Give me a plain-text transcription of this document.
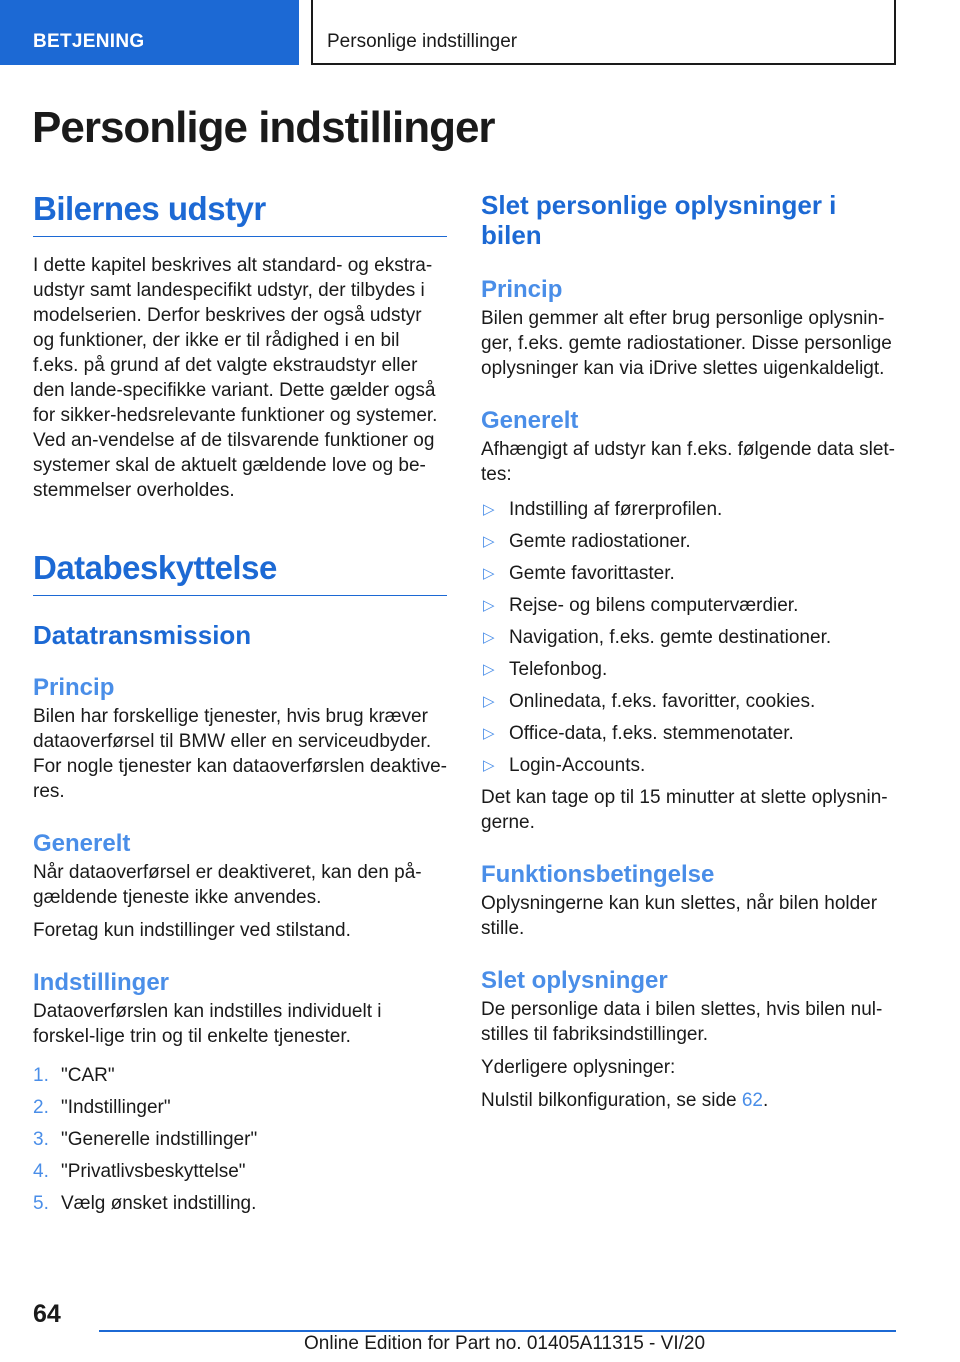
BETJENING	Personlige indstillinger
Personlige indstillinger
Bilernes udstyr

I dette kapitel beskrives alt standard- og ekstra-udstyr samt landespecifikt udstyr, der tilbydes i modelserien. Derfor beskrives der også udstyr og funktioner, der ikke er til rådighed i en bil f.eks. på grund af det valgte ekstraudstyr eller den lande-specifikke variant. Dette gælder også for sikker-hedsrelevante funktioner og systemer. Ved an-vendelse af de tilsvarende funktioner og systemer skal de aktuelt gældende love og be-stemmelser overholdes.

Databeskyttelse
Datatransmission
Princip

Bilen har forskellige tjenester, hvis brug kræver dataoverførsel til BMW eller en serviceudbyder. For nogle tjenester kan dataoverførslen deaktive-res.

Generelt

Når dataoverførsel er deaktiveret, kan den på-gældende tjeneste ikke anvendes.

Foretag kun indstillinger ved stilstand.

Indstillinger

Dataoverførslen kan indstilles individuelt i forskel-lige trin og til enkelte tjenester.

1. "CAR"
2. "Indstillinger"
3. "Generelle indstillinger"
4. "Privatlivsbeskyttelse"
5. Vælg ønsket indstilling.
Slet personlige oplysninger i bilen
Princip

Bilen gemmer alt efter brug personlige oplysnin-ger, f.eks. gemte radiostationer. Disse personlige oplysninger kan via iDrive slettes uigenkaldeligt.

Generelt

Afhængigt af udstyr kan f.eks. følgende data slet-tes:

▷ Indstilling af førerprofilen.
▷ Gemte radiostationer.
▷ Gemte favorittaster.
▷ Rejse- og bilens computerværdier.
▷ Navigation, f.eks. gemte destinationer.
▷ Telefonbog.
▷ Onlinedata, f.eks. favoritter, cookies.
▷ Office-data, f.eks. stemmenotater.
▷ Login-Accounts.

Det kan tage op til 15 minutter at slette oplysnin-gerne.

Funktionsbetingelse

Oplysningerne kan kun slettes, når bilen holder stille.

Slet oplysninger

De personlige data i bilen slettes, hvis bilen nul-stilles til fabriksindstillinger.

Yderligere oplysninger:

Nulstil bilkonfiguration, se side 62.

64
Online Edition for Part no. 01405A11315 - VI/20
